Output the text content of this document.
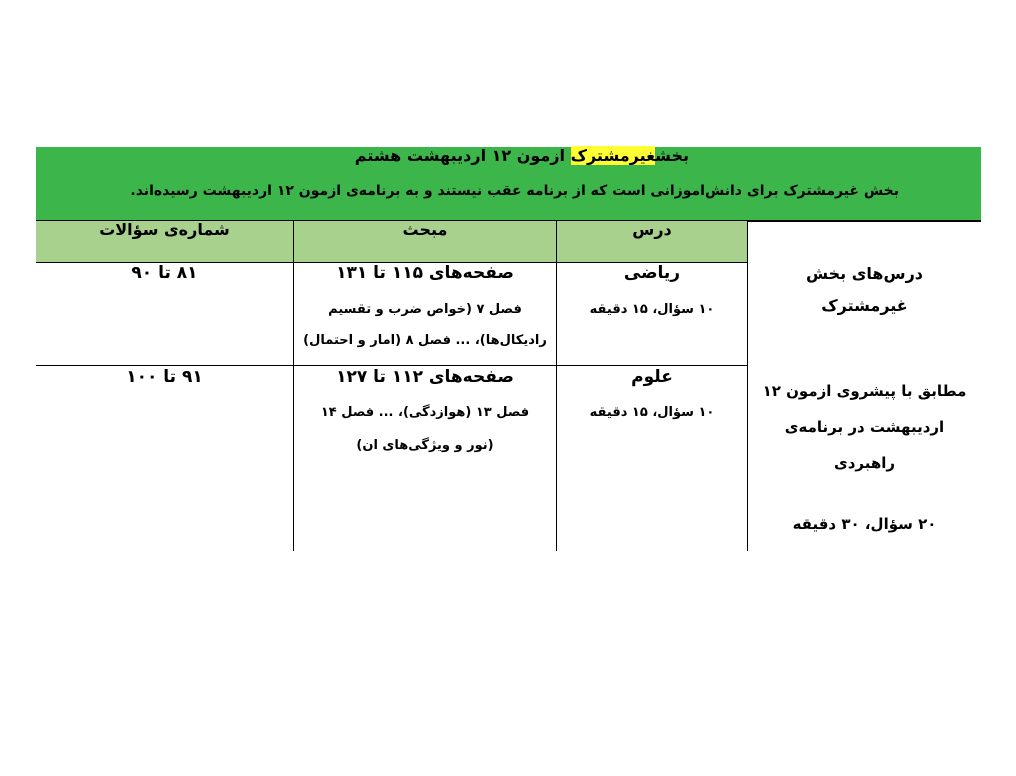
بخشغیرمشترک ازمون ۱۲ اردیبهشت هشتم
بخش غیرمشترک برای دانش‌اموزانی است که از برنامه عقب نیستند و به برنامه‌ی ازمون ۱۲ اردیبهشت رسیده‌اند.
درس
مبحث
شماره‌ی سؤالات
درس‌های بخش
غیرمشترک
مطابق با پیشروی ازمون ۱۲
اردیبهشت در برنامه‌ی
راهبردی
۲۰ سؤال، ۳۰ دقیقه
ریاضی
۱۰ سؤال، ۱۵ دقیقه
صفحه‌های ۱۱۵ تا ۱۳۱
فصل ۷ (خواص ضرب و تقسیم
رادیکال‌ها)، ... فصل ۸ (امار و احتمال)
۸۱ تا ۹۰
علوم
۱۰ سؤال، ۱۵ دقیقه
صفحه‌های ۱۱۲ تا ۱۲۷
فصل ۱۳ (هوازدگی)، ... فصل ۱۴
(نور و ویژگی‌های ان)
۹۱ تا ۱۰۰
